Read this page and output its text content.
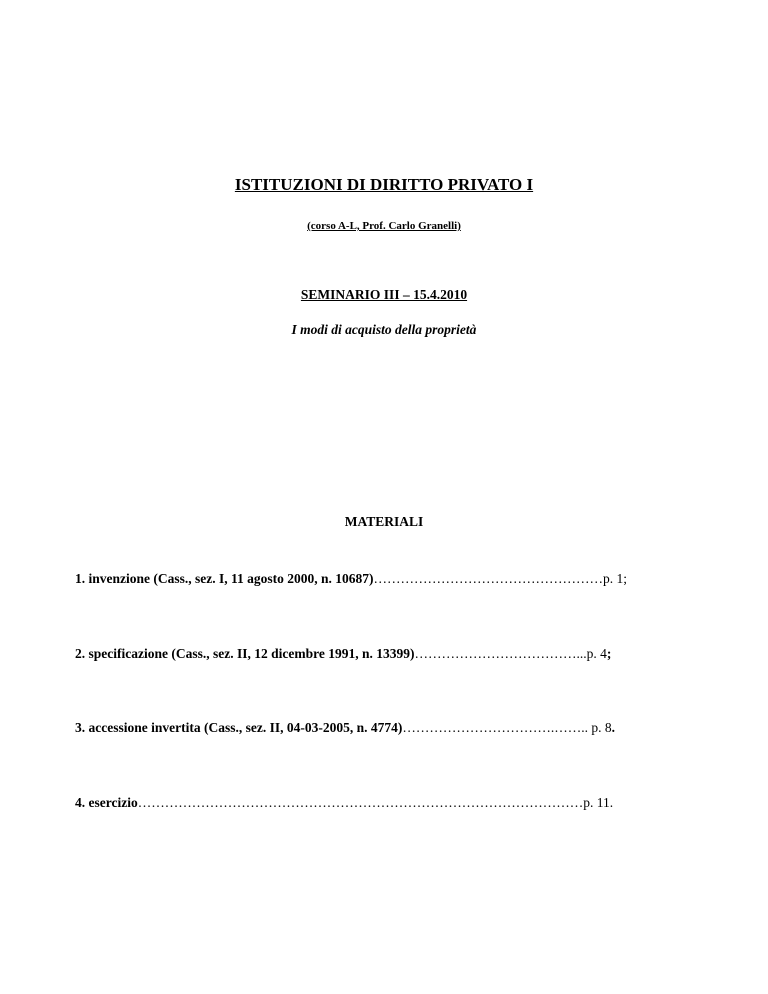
ISTITUZIONI DI DIRITTO PRIVATO I
(corso A-L, Prof. Carlo Granelli)
SEMINARIO III – 15.4.2010
I modi di acquisto della proprietà
MATERIALI
1. invenzione (Cass., sez. I, 11 agosto 2000, n. 10687)……………………………………………p. 1;
2. specificazione (Cass., sez. II, 12 dicembre 1991, n. 13399)………………………………...p. 4;
3. accessione invertita (Cass., sez. II, 04-03-2005, n. 4774)…………………………….…….. p. 8.
4. esercizio………………………………………………………………………………………p. 11.
